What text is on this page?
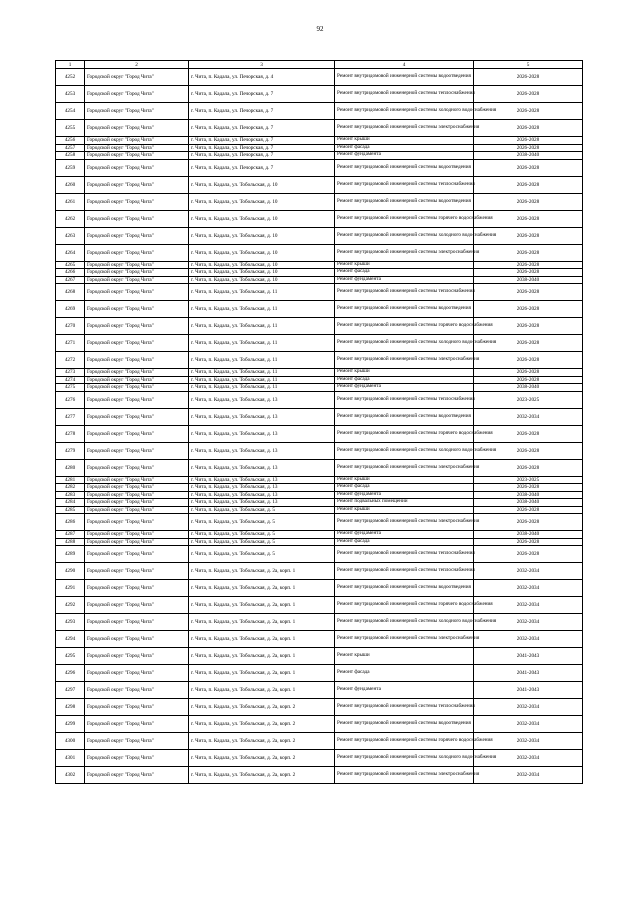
92
1	2	3	4	5
4252	Городской округ "Город Чита"	г. Чита, п. Кадала, ул. Печорская, д. 4	Ремонт внутридомовой инженерной системы водоотведения	2026-2028
4253	Городской округ "Город Чита"	г. Чита, п. Кадала, ул. Печорская, д. 7	Ремонт внутридомовой инженерной системы теплоснабжения	2026-2028
4254	Городской округ "Город Чита"	г. Чита, п. Кадала, ул. Печорская, д. 7	Ремонт внутридомовой инженерной системы холодного водоснабжения	2026-2028
4255	Городской округ "Город Чита"	г. Чита, п. Кадала, ул. Печорская, д. 7	Ремонт внутридомовой инженерной системы электроснабжения	2026-2028
4256	Городской округ "Город Чита"	г. Чита, п. Кадала, ул. Печорская, д. 7	Ремонт крыши	2026-2028
4257	Городской округ "Город Чита"	г. Чита, п. Кадала, ул. Печорская, д. 7	Ремонт фасада	2026-2028
4258	Городской округ "Город Чита"	г. Чита, п. Кадала, ул. Печорская, д. 7	Ремонт фундамента	2038-2040
4259	Городской округ "Город Чита"	г. Чита, п. Кадала, ул. Печорская, д. 7	Ремонт внутридомовой инженерной системы водоотведения	2026-2028
4260	Городской округ "Город Чита"	г. Чита, п. Кадала, ул. Тобольская, д. 10	Ремонт внутридомовой инженерной системы теплоснабжения	2026-2028
4261	Городской округ "Город Чита"	г. Чита, п. Кадала, ул. Тобольская, д. 10	Ремонт внутридомовой инженерной системы водоотведения	2026-2028
4262	Городской округ "Город Чита"	г. Чита, п. Кадала, ул. Тобольская, д. 10	Ремонт внутридомовой инженерной системы горячего водоснабжения	2026-2028
4263	Городской округ "Город Чита"	г. Чита, п. Кадала, ул. Тобольская, д. 10	Ремонт внутридомовой инженерной системы холодного водоснабжения	2026-2028
4264	Городской округ "Город Чита"	г. Чита, п. Кадала, ул. Тобольская, д. 10	Ремонт внутридомовой инженерной системы электроснабжения	2026-2028
4265	Городской округ "Город Чита"	г. Чита, п. Кадала, ул. Тобольская, д. 10	Ремонт крыши	2026-2028
4266	Городской округ "Город Чита"	г. Чита, п. Кадала, ул. Тобольская, д. 10	Ремонт фасада	2026-2028
4267	Городской округ "Город Чита"	г. Чита, п. Кадала, ул. Тобольская, д. 10	Ремонт фундамента	2038-2040
4268	Городской округ "Город Чита"	г. Чита, п. Кадала, ул. Тобольская, д. 11	Ремонт внутридомовой инженерной системы теплоснабжения	2026-2028
4269	Городской округ "Город Чита"	г. Чита, п. Кадала, ул. Тобольская, д. 11	Ремонт внутридомовой инженерной системы водоотведения	2026-2028
4270	Городской округ "Город Чита"	г. Чита, п. Кадала, ул. Тобольская, д. 11	Ремонт внутридомовой инженерной системы горячего водоснабжения	2026-2028
4271	Городской округ "Город Чита"	г. Чита, п. Кадала, ул. Тобольская, д. 11	Ремонт внутридомовой инженерной системы холодного водоснабжения	2026-2028
4272	Городской округ "Город Чита"	г. Чита, п. Кадала, ул. Тобольская, д. 11	Ремонт внутридомовой инженерной системы электроснабжения	2026-2028
4273	Городской округ "Город Чита"	г. Чита, п. Кадала, ул. Тобольская, д. 11	Ремонт крыши	2026-2028
4274	Городской округ "Город Чита"	г. Чита, п. Кадала, ул. Тобольская, д. 11	Ремонт фасада	2026-2028
4275	Городской округ "Город Чита"	г. Чита, п. Кадала, ул. Тобольская, д. 11	Ремонт фундамента	2038-2040
4276	Городской округ "Город Чита"	г. Чита, п. Кадала, ул. Тобольская, д. 13	Ремонт внутридомовой инженерной системы теплоснабжения	2023-2025
4277	Городской округ "Город Чита"	г. Чита, п. Кадала, ул. Тобольская, д. 13	Ремонт внутридомовой инженерной системы водоотведения	2032-2034
4278	Городской округ "Город Чита"	г. Чита, п. Кадала, ул. Тобольская, д. 13	Ремонт внутридомовой инженерной системы горячего водоснабжения	2026-2028
4279	Городской округ "Город Чита"	г. Чита, п. Кадала, ул. Тобольская, д. 13	Ремонт внутридомовой инженерной системы холодного водоснабжения	2026-2028
4280	Городской округ "Город Чита"	г. Чита, п. Кадала, ул. Тобольская, д. 13	Ремонт внутридомовой инженерной системы электроснабжения	2026-2028
4281	Городской округ "Город Чита"	г. Чита, п. Кадала, ул. Тобольская, д. 13	Ремонт крыши	2023-2025
4282	Городской округ "Город Чита"	г. Чита, п. Кадала, ул. Тобольская, д. 13	Ремонт фасада	2026-2028
4283	Городской округ "Город Чита"	г. Чита, п. Кадала, ул. Тобольская, д. 13	Ремонт фундамента	2038-2040
4284	Городской округ "Город Чита"	г. Чита, п. Кадала, ул. Тобольская, д. 13	Ремонт подвальных помещений	2038-2040
4285	Городской округ "Город Чита"	г. Чита, п. Кадала, ул. Тобольская, д. 5	Ремонт крыши	2026-2028
4286	Городской округ "Город Чита"	г. Чита, п. Кадала, ул. Тобольская, д. 5	Ремонт внутридомовой инженерной системы электроснабжения	2026-2028
4287	Городской округ "Город Чита"	г. Чита, п. Кадала, ул. Тобольская, д. 5	Ремонт фундамента	2038-2040
4288	Городской округ "Город Чита"	г. Чита, п. Кадала, ул. Тобольская, д. 5	Ремонт фасада	2026-2028
4289	Городской округ "Город Чита"	г. Чита, п. Кадала, ул. Тобольская, д. 5	Ремонт внутридомовой инженерной системы теплоснабжения	2026-2028
4290	Городской округ "Город Чита"	г. Чита, п. Кадала, ул. Тобольская, д. 2а, корп. 1	Ремонт внутридомовой инженерной системы теплоснабжения	2032-2034
4291	Городской округ "Город Чита"	г. Чита, п. Кадала, ул. Тобольская, д. 2а, корп. 1	Ремонт внутридомовой инженерной системы водоотведения	2032-2034
4292	Городской округ "Город Чита"	г. Чита, п. Кадала, ул. Тобольская, д. 2а, корп. 1	Ремонт внутридомовой инженерной системы горячего водоснабжения	2032-2034
4293	Городской округ "Город Чита"	г. Чита, п. Кадала, ул. Тобольская, д. 2а, корп. 1	Ремонт внутридомовой инженерной системы холодного водоснабжения	2032-2034
4294	Городской округ "Город Чита"	г. Чита, п. Кадала, ул. Тобольская, д. 2а, корп. 1	Ремонт внутридомовой инженерной системы электроснабжения	2032-2034
4295	Городской округ "Город Чита"	г. Чита, п. Кадала, ул. Тобольская, д. 2а, корп. 1	Ремонт крыши	2041-2043
4296	Городской округ "Город Чита"	г. Чита, п. Кадала, ул. Тобольская, д. 2а, корп. 1	Ремонт фасада	2041-2043
4297	Городской округ "Город Чита"	г. Чита, п. Кадала, ул. Тобольская, д. 2а, корп. 1	Ремонт фундамента	2041-2043
4298	Городской округ "Город Чита"	г. Чита, п. Кадала, ул. Тобольская, д. 2а, корп. 2	Ремонт внутридомовой инженерной системы теплоснабжения	2032-2034
4299	Городской округ "Город Чита"	г. Чита, п. Кадала, ул. Тобольская, д. 2а, корп. 2	Ремонт внутридомовой инженерной системы водоотведения	2032-2034
4300	Городской округ "Город Чита"	г. Чита, п. Кадала, ул. Тобольская, д. 2а, корп. 2	Ремонт внутридомовой инженерной системы горячего водоснабжения	2032-2034
4301	Городской округ "Город Чита"	г. Чита, п. Кадала, ул. Тобольская, д. 2а, корп. 2	Ремонт внутридомовой инженерной системы холодного водоснабжения	2032-2034
4302	Городской округ "Город Чита"	г. Чита, п. Кадала, ул. Тобольская, д. 2а, корп. 2	Ремонт внутридомовой инженерной системы электроснабжения	2032-2034
